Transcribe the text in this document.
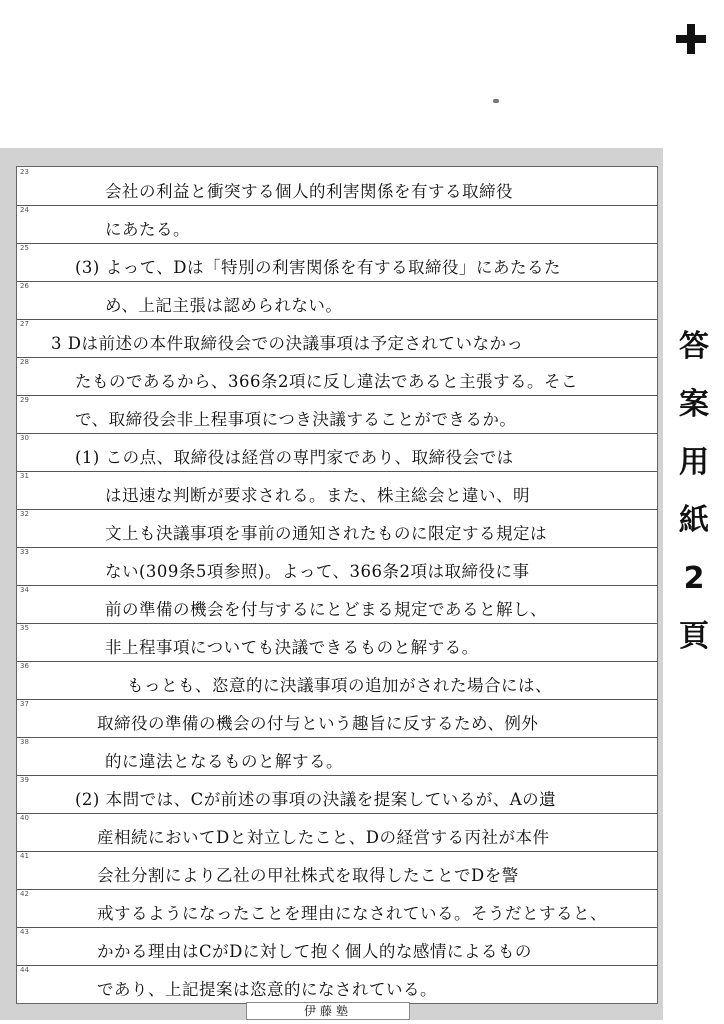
23
会社の利益と衝突する個人的利害関係を有する取締役
24
にあたる。
25
(3) よって、Dは「特別の利害関係を有する取締役」にあたるた
26
め、上記主張は認められない。
27
3 Dは前述の本件取締役会での決議事項は予定されていなかっ
28
たものであるから、366条2項に反し違法であると主張する。そこ
29
で、取締役会非上程事項につき決議することができるか。
30
(1) この点、取締役は経営の専門家であり、取締役会では
31
は迅速な判断が要求される。また、株主総会と違い、明
32
文上も決議事項を事前の通知されたものに限定する規定は
33
ない(309条5項参照)。よって、366条2項は取締役に事
34
前の準備の機会を付与するにとどまる規定であると解し、
35
非上程事項についても決議できるものと解する。
36
もっとも、恣意的に決議事項の追加がされた場合には、
37
取締役の準備の機会の付与という趣旨に反するため、例外
38
的に違法となるものと解する。
39
(2) 本問では、Cが前述の事項の決議を提案しているが、Aの遺
40
産相続においてDと対立したこと、Dの経営する丙社が本件
41
会社分割により乙社の甲社株式を取得したことでDを警
42
戒するようになったことを理由になされている。そうだとすると、
43
かかる理由はCがDに対して抱く個人的な感情によるもの
44
であり、上記提案は恣意的になされている。
答
案
用
紙
2
頁
伊藤塾
